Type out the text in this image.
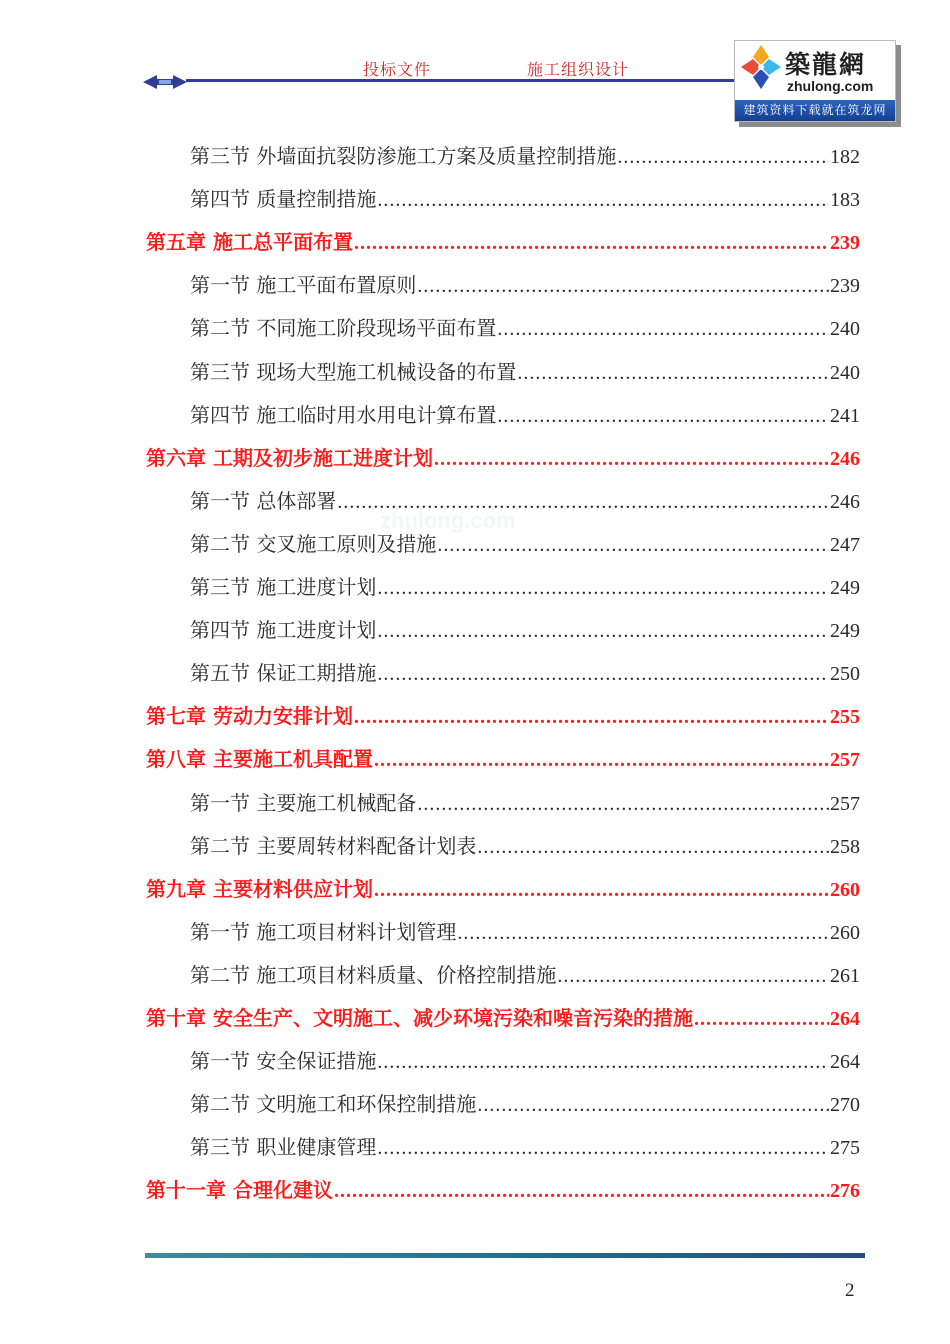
投标文件	施工组织设计	築龍網
zhulong.com
建筑资料下载就在筑龙网
zhulong.com
第三节 外墙面抗裂防渗施工方案及质量控制措施 .....	182
第四节 质量控制措施 .....	183
第五章 施工总平面布置 .....	239
第一节 施工平面布置原则 .....	239
第二节 不同施工阶段现场平面布置 .....	240
第三节 现场大型施工机械设备的布置 .....	240
第四节 施工临时用水用电计算布置 .....	241
第六章 工期及初步施工进度计划 .....	246
第一节 总体部署 .....	246
第二节 交叉施工原则及措施 .....	247
第三节 施工进度计划 .....	249
第四节 施工进度计划 .....	249
第五节 保证工期措施 .....	250
第七章 劳动力安排计划 .....	255
第八章 主要施工机具配置 .....	257
第一节 主要施工机械配备 .....	257
第二节 主要周转材料配备计划表 .....	258
第九章 主要材料供应计划 .....	260
第一节 施工项目材料计划管理 .....	260
第二节 施工项目材料质量、价格控制措施 .....	261
第十章 安全生产、文明施工、减少环境污染和噪音污染的措施 .....	264
第一节 安全保证措施 .....	264
第二节 文明施工和环保控制措施 .....	270
第三节 职业健康管理 .....	275
第十一章 合理化建议 .....	276
2
